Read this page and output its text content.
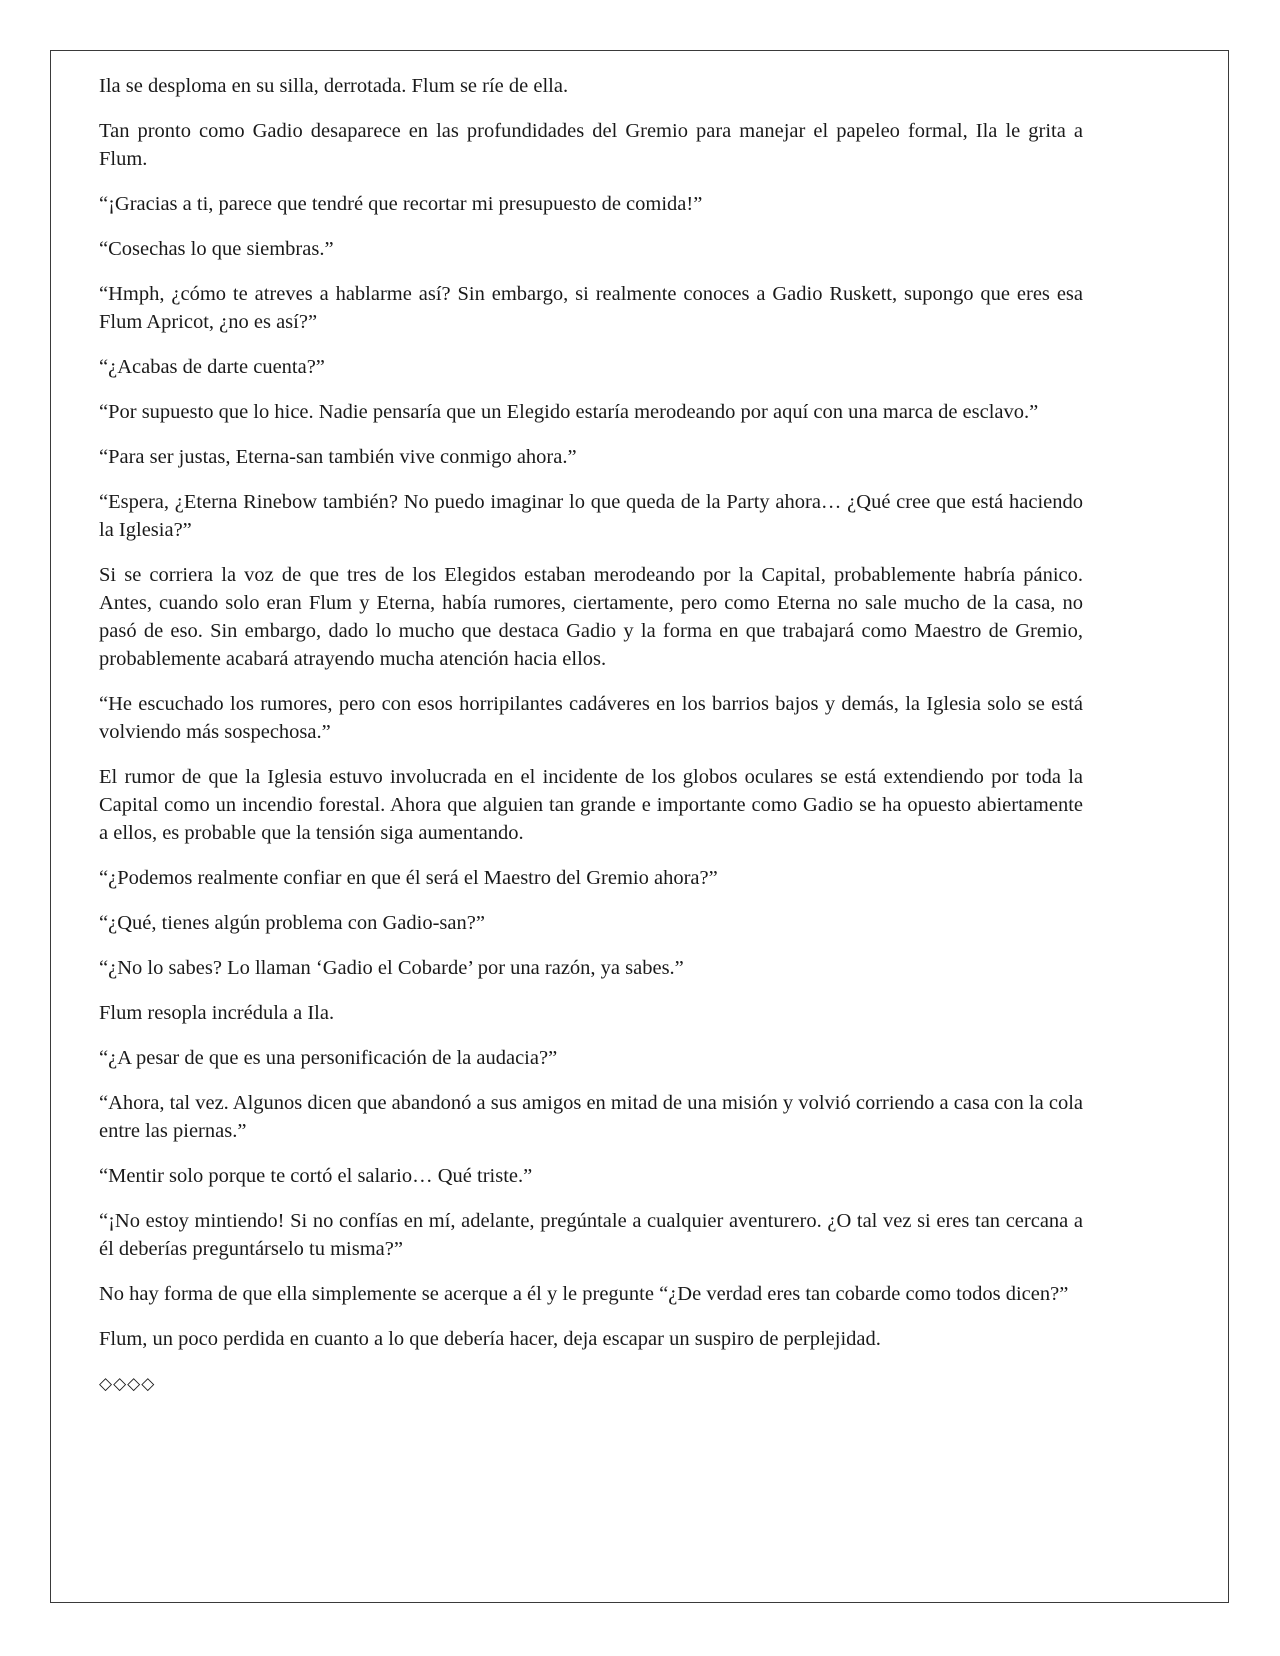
Ila se desploma en su silla, derrotada. Flum se ríe de ella.

Tan pronto como Gadio desaparece en las profundidades del Gremio para manejar el papeleo formal, Ila le grita a Flum.

“¡Gracias a ti, parece que tendré que recortar mi presupuesto de comida!”

“Cosechas lo que siembras.”

“Hmph, ¿cómo te atreves a hablarme así? Sin embargo, si realmente conoces a Gadio Ruskett, supongo que eres esa Flum Apricot, ¿no es así?”

“¿Acabas de darte cuenta?”

“Por supuesto que lo hice. Nadie pensaría que un Elegido estaría merodeando por aquí con una marca de esclavo.”

“Para ser justas, Eterna-san también vive conmigo ahora.”

“Espera, ¿Eterna Rinebow también? No puedo imaginar lo que queda de la Party ahora… ¿Qué cree que está haciendo la Iglesia?”

Si se corriera la voz de que tres de los Elegidos estaban merodeando por la Capital, probablemente habría pánico. Antes, cuando solo eran Flum y Eterna, había rumores, ciertamente, pero como Eterna no sale mucho de la casa, no pasó de eso. Sin embargo, dado lo mucho que destaca Gadio y la forma en que trabajará como Maestro de Gremio, probablemente acabará atrayendo mucha atención hacia ellos.

“He escuchado los rumores, pero con esos horripilantes cadáveres en los barrios bajos y demás, la Iglesia solo se está volviendo más sospechosa.”

El rumor de que la Iglesia estuvo involucrada en el incidente de los globos oculares se está extendiendo por toda la Capital como un incendio forestal. Ahora que alguien tan grande e importante como Gadio se ha opuesto abiertamente a ellos, es probable que la tensión siga aumentando.

“¿Podemos realmente confiar en que él será el Maestro del Gremio ahora?”

“¿Qué, tienes algún problema con Gadio-san?”

“¿No lo sabes? Lo llaman ‘Gadio el Cobarde’ por una razón, ya sabes.”

Flum resopla incrédula a Ila.

“¿A pesar de que es una personificación de la audacia?”

“Ahora, tal vez. Algunos dicen que abandonó a sus amigos en mitad de una misión y volvió corriendo a casa con la cola entre las piernas.”

“Mentir solo porque te cortó el salario… Qué triste.”

“¡No estoy mintiendo! Si no confías en mí, adelante, pregúntale a cualquier aventurero. ¿O tal vez si eres tan cercana a él deberías preguntárselo tu misma?”

No hay forma de que ella simplemente se acerque a él y le pregunte “¿De verdad eres tan cobarde como todos dicen?”

Flum, un poco perdida en cuanto a lo que debería hacer, deja escapar un suspiro de perplejidad.

◇◇◇◇
